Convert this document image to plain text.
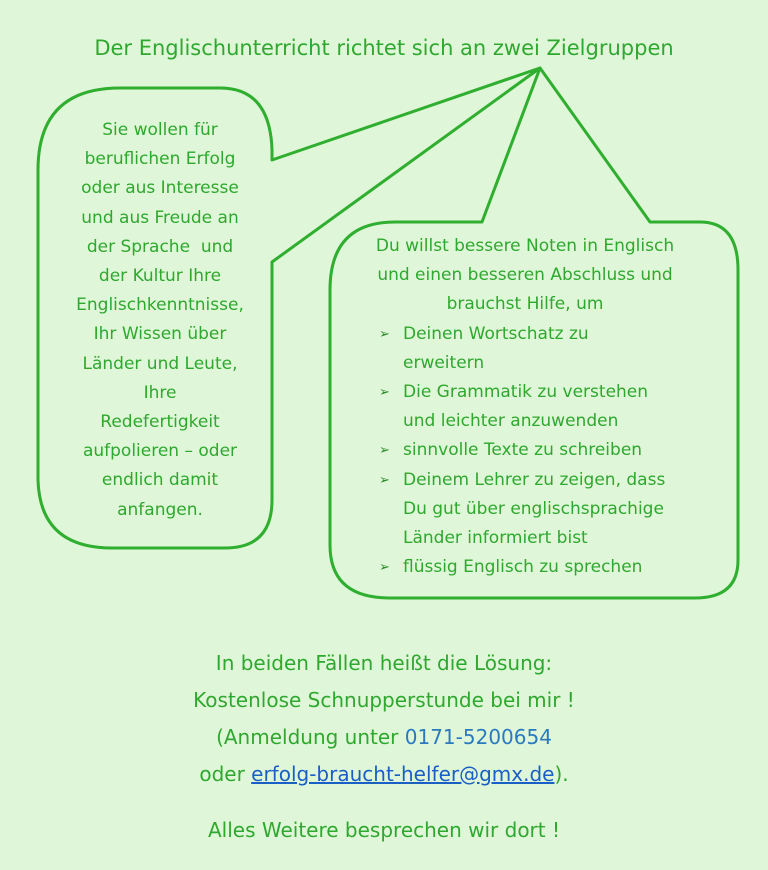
Der Englischunterricht richtet sich an zwei Zielgruppen
Sie wollen für
beruflichen Erfolg
oder aus Interesse
und aus Freude an
der Sprache  und
der Kultur Ihre
Englischkenntnisse,
Ihr Wissen über
Länder und Leute,
Ihre
Redefertigkeit
aufpolieren – oder
endlich damit
anfangen.
Du willst bessere Noten in Englisch
und einen besseren Abschluss und
brauchst Hilfe, um
➢ Deinen Wortschatz zu
erweitern
➢ Die Grammatik zu verstehen
und leichter anzuwenden
➢ sinnvolle Texte zu schreiben
➢ Deinem Lehrer zu zeigen, dass
Du gut über englischsprachige
Länder informiert bist
➢ flüssig Englisch zu sprechen
In beiden Fällen heißt die Lösung:
Kostenlose Schnupperstunde bei mir !
(Anmeldung unter 0171-5200654
oder erfolg-braucht-helfer@gmx.de).
Alles Weitere besprechen wir dort !
